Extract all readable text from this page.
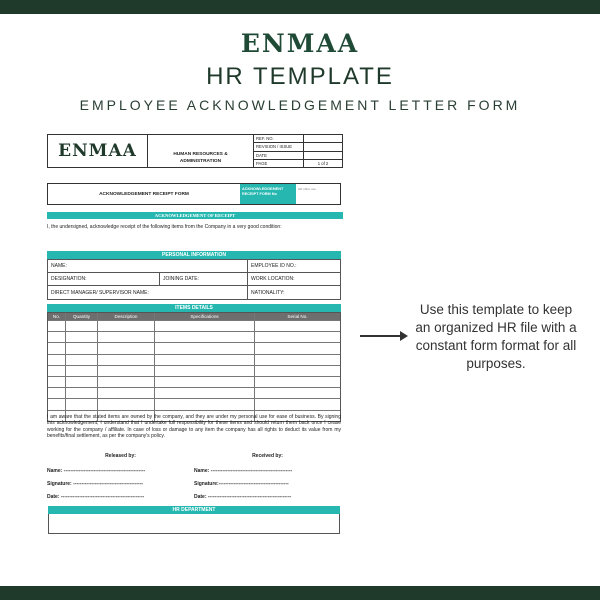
ENMAA
HR TEMPLATE
EMPLOYEE ACKNOWLEDGEMENT LETTER FORM
ENMAA	HUMAN RESOURCES &
ADMINISTRATION
REF. NO.
REVISION / ISSUE
DATE
PAGE	1 of 2
ACKNOWLEDGEMENT RECEIPT FORM
ACKNOWLEDGEMENT RECEIPT FORM No
HR office use
ACKNOWLEDGEMENT OF RECEIPT
I, the undersigned, acknowledge receipt of the following items from the Company in a very good condition:
PERSONAL INFORMATION
NAME:	EMPLOYEE ID NO.:
DESIGNATION:	JOINING DATE:	WORK LOCATION:
DIRECT MANAGER/ SUPERVISOR NAME:	NATIONALITY:
ITEMS DETAILS
No.	Quantity	Description	Specifications	Serial No.
I am aware that the stated items are owned by the company, and they are under my personal use for ease of business. By signing this acknowledgement, I understand that I undertake full responsibility for these items and should return them back once I cease working for the company / affiliate. In case of loss or damage to any item the company has all rights to deduct its value from my benefits/final settlement, as per the company's policy.
Released by:	Received by:
Name: -------------------------------------------------	Name: -------------------------------------------------
Signature: ------------------------------------------	Signature:------------------------------------------
Date: --------------------------------------------------	Date: --------------------------------------------------
HR DEPARTMENT
Use this template to keep an organized HR file with a constant form format for all purposes.
